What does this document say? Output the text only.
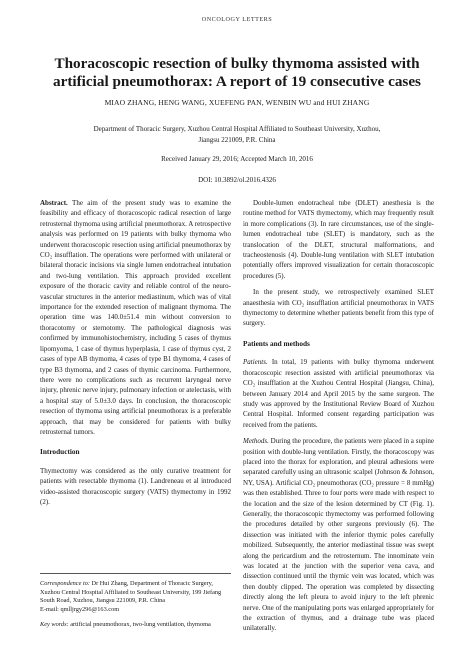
ONCOLOGY LETTERS
Thoracoscopic resection of bulky thymoma assisted with artificial pneumothorax: A report of 19 consecutive cases
MIAO ZHANG, HENG WANG, XUEFENG PAN, WENBIN WU and HUI ZHANG
Department of Thoracic Surgery, Xuzhou Central Hospital Affiliated to Southeast University, Xuzhou, Jiangsu 221009, P.R. China
Received January 29, 2016; Accepted March 10, 2016
DOI: 10.3892/ol.2016.4326

Abstract. The aim of the present study was to examine the feasibility and efficacy of thoracoscopic radical resection of large retrosternal thymoma using artificial pneumothorax. A retrospective analysis was performed on 19 patients with bulky thymoma who underwent thoracoscopic resection using artificial pneumothorax by CO₂ insufflation. The operations were performed with unilateral or bilateral thoracic incisions via single lumen endotracheal intubation and two-lung ventilation. This approach provided excellent exposure of the thoracic cavity and reliable control of the neuro-vascular structures in the anterior mediastinum, which was of vital importance for the extended resection of malignant thymoma. The operation time was 140.0±51.4 min without conversion to thoracotomy or sternotomy. The pathological diagnosis was confirmed by immunohistochemistry, including 5 cases of thymus lipomyoma, 1 case of thymus hyperplasia, 1 case of thymus cyst, 2 cases of type AB thymoma, 4 cases of type B1 thymoma, 4 cases of type B3 thymoma, and 2 cases of thymic carcinoma. Furthermore, there were no complications such as recurrent laryngeal nerve injury, phrenic nerve injury, pulmonary infection or atelectasis, with a hospital stay of 5.0±3.0 days. In conclusion, the thoracoscopic resection of thymoma using artificial pneumothorax is a preferable approach, that may be considered for patients with bulky retrosternal tumors.

Introduction

Thymectomy was considered as the only curative treatment for patients with resectable thymoma (1). Landreneau et al introduced video-assisted thoracoscopic surgery (VATS) thymectomy in 1992 (2).

Correspondence to: Dr Hui Zhang, Department of Thoracic Surgery, Xuzhou Central Hospital Affiliated to Southeast University, 199 Jiefang South Road, Xuzhou, Jiangsu 221009, P.R. China
E-mail: qmlljrgy296@163.com

Key words: artificial pneumothorax, two-lung ventilation, thymoma

Double-lumen endotracheal tube (DLET) anesthesia is the routine method for VATS thymectomy, which may frequently result in more complications (3). In rare circumstances, use of the single-lumen endotracheal tube (SLET) is mandatory, such as the translocation of the DLET, structural malformations, and tracheostenosis (4). Double-lung ventilation with SLET intubation potentially offers improved visualization for certain thoracoscopic procedures (5).

In the present study, we retrospectively examined SLET anaesthesia with CO₂ insufflation artificial pneumothorax in VATS thymectomy to determine whether patients benefit from this type of surgery.

Patients and methods

Patients. In total, 19 patients with bulky thymoma underwent thoracoscopic resection assisted with artificial pneumothorax via CO₂ insufflation at the Xuzhou Central Hospital (Jiangsu, China), between January 2014 and April 2015 by the same surgeon. The study was approved by the Institutional Review Board of Xuzhou Central Hospital. Informed consent regarding participation was received from the patients.

Methods. During the procedure, the patients were placed in a supine position with double-lung ventilation. Firstly, the thoracoscopy was placed into the thorax for exploration, and pleural adhesions were separated carefully using an ultrasonic scalpel (Johnson & Johnson, NY, USA). Artificial CO₂ pneumothorax (CO₂ pressure = 8 mmHg) was then established. Three to four ports were made with respect to the location and the size of the lesion determined by CT (Fig. 1). Generally, the thoracoscopic thymectomy was performed following the procedures detailed by other surgeons previously (6). The dissection was initiated with the inferior thymic poles carefully mobilized. Subsequently, the anterior mediastinal tissue was swept along the pericardium and the retrosternum. The innominate vein was located at the junction with the superior vena cava, and dissection continued until the thymic vein was located, which was then doubly clipped. The operation was completed by dissecting directly along the left pleura to avoid injury to the left phrenic nerve. One of the manipulating ports was enlarged appropriately for the extraction of thymus, and a drainage tube was placed unilaterally.
